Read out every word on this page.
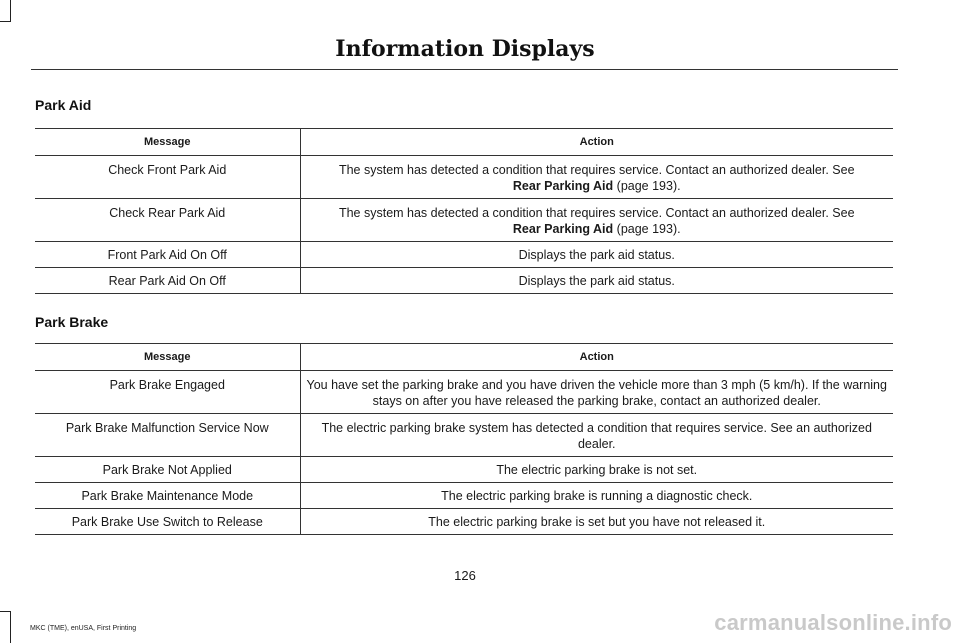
Information Displays
Park Aid
Message	Action
Check Front Park Aid	The system has detected a condition that requires service. Contact an authorized dealer. See
Rear Parking Aid (page 193).
Check Rear Park Aid	The system has detected a condition that requires service. Contact an authorized dealer. See
Rear Parking Aid (page 193).
Front Park Aid On Off	Displays the park aid status.
Rear Park Aid On Off	Displays the park aid status.
Park Brake
Message	Action
Park Brake Engaged	You have set the parking brake and you have driven the vehicle more than 3 mph (5 km/h). If the warning stays on after you have released the parking brake, contact an authorized dealer.
Park Brake Malfunction Service Now	The electric parking brake system has detected a condition that requires service. See an authorized dealer.
Park Brake Not Applied	The electric parking brake is not set.
Park Brake Maintenance Mode	The electric parking brake is running a diagnostic check.
Park Brake Use Switch to Release	The electric parking brake is set but you have not released it.

126

MKC (TME), enUSA, First Printing	carmanualsonline.info
